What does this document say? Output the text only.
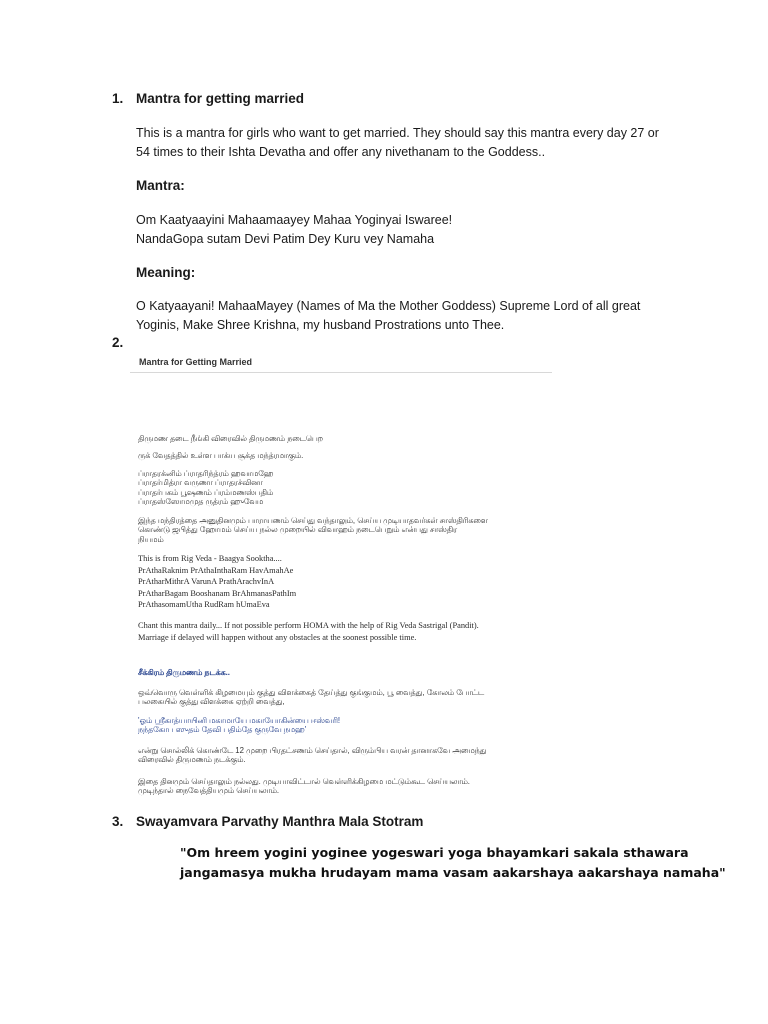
1. Mantra for getting married
This is a mantra for girls who want to get married. They should say this mantra every day 27 or
54 times to their Ishta Devatha and offer any nivethanam to the Goddess..
Mantra:
Om Kaatyaayini Mahaamaayey Mahaa Yoginyai Iswaree!
NandaGopa sutam Devi Patim Dey Kuru vey Namaha
Meaning:
O Katyaayani! MahaaMayey (Names of Ma the Mother Goddess) Supreme Lord of all great
Yoginis, Make Shree Krishna, my husband Prostrations unto Thee.
2.
Mantra for Getting Married
திருமண தடை நீங்கி விரைவில் திருமணம் நடைபெற
ருக் வேதத்தில் உள்ள பாக்ய சூக்த மந்த்ரமாகும்.
ப்ராதரக்னிம் ப்ராதரிந்த்ரம் ஹவாமஹே
ப்ராதர்மித்ரா வருணா ப்ராதரச்வினா
ப்ராதர்பகம் பூஷணம் ப்ரம்மணஸ்பதிம்
ப்ராதஸ்ஸோமமுத ருத்ரம் ஹுவேம
இந்த மந்திரத்தை அனுதினமும் பாராயணம் செய்து வந்தாலும், செய்ய முடியாதவர்கள் சாஸ்திரிகளை
கொண்டு ஜபித்து ஹோமம் செய்ய நல்ல முறையில் விவாஹம் நடைபெறும் என்பது சாஸ்திர
நியமம்
This is from Rig Veda - Baagya Sooktha....
PrAthaRaknim PrAthaInthaRam HavAmahAe
PrAtharMithrA VarunA PrathArachvInA
PrAtharBagam Booshanam BrAhmanasPathIm
PrAthasomamUtha RudRam hUmaEva
Chant this mantra daily... If not possible perform HOMA with the help of Rig Veda Sastrigal (Pandit).
Marriage if delayed will happen without any obstacles at the soonest possible time.
சீக்கிரம் திருமணம் நடக்க..
ஒவ்வொரு வெள்ளிக் கிழமையும் குத்து விளக்கைத் தேய்த்து குங்குமம், பூ வைத்து, கோலம் போட்ட
பலகையில் குத்து விளக்கை ஏற்றி வைத்து,
'ஓம் ஸ்ரீகாத்யாயினி மகாமாயே மகாயோகின்யை ஈஸ்வரி!
நந்தகோப ஸுதம் தேவி பதிம்தே குருவே நமஹ'
என்று சொல்லிக் கொண்டே 12 முறை பிரதட்சணம் செய்தால், விரும்பிய வரன் தானாகவே அமைந்து
விரைவில் திருமணம் நடக்கும்.
இதை தினமும் செய்தாலும் நல்லது. முடியாவிட்டால் வெள்ளிக்கிழமை மட்டும்கூட செய்யலாம்.
முடிந்தால் நைவேத்தியமும் செய்யலாம்.
3. Swayamvara Parvathy Manthra Mala Stotram
"Om hreem yogini yoginee yogeswari yoga bhayamkari sakala sthawara
jangamasya mukha hrudayam mama vasam aakarshaya aakarshaya namaha"
